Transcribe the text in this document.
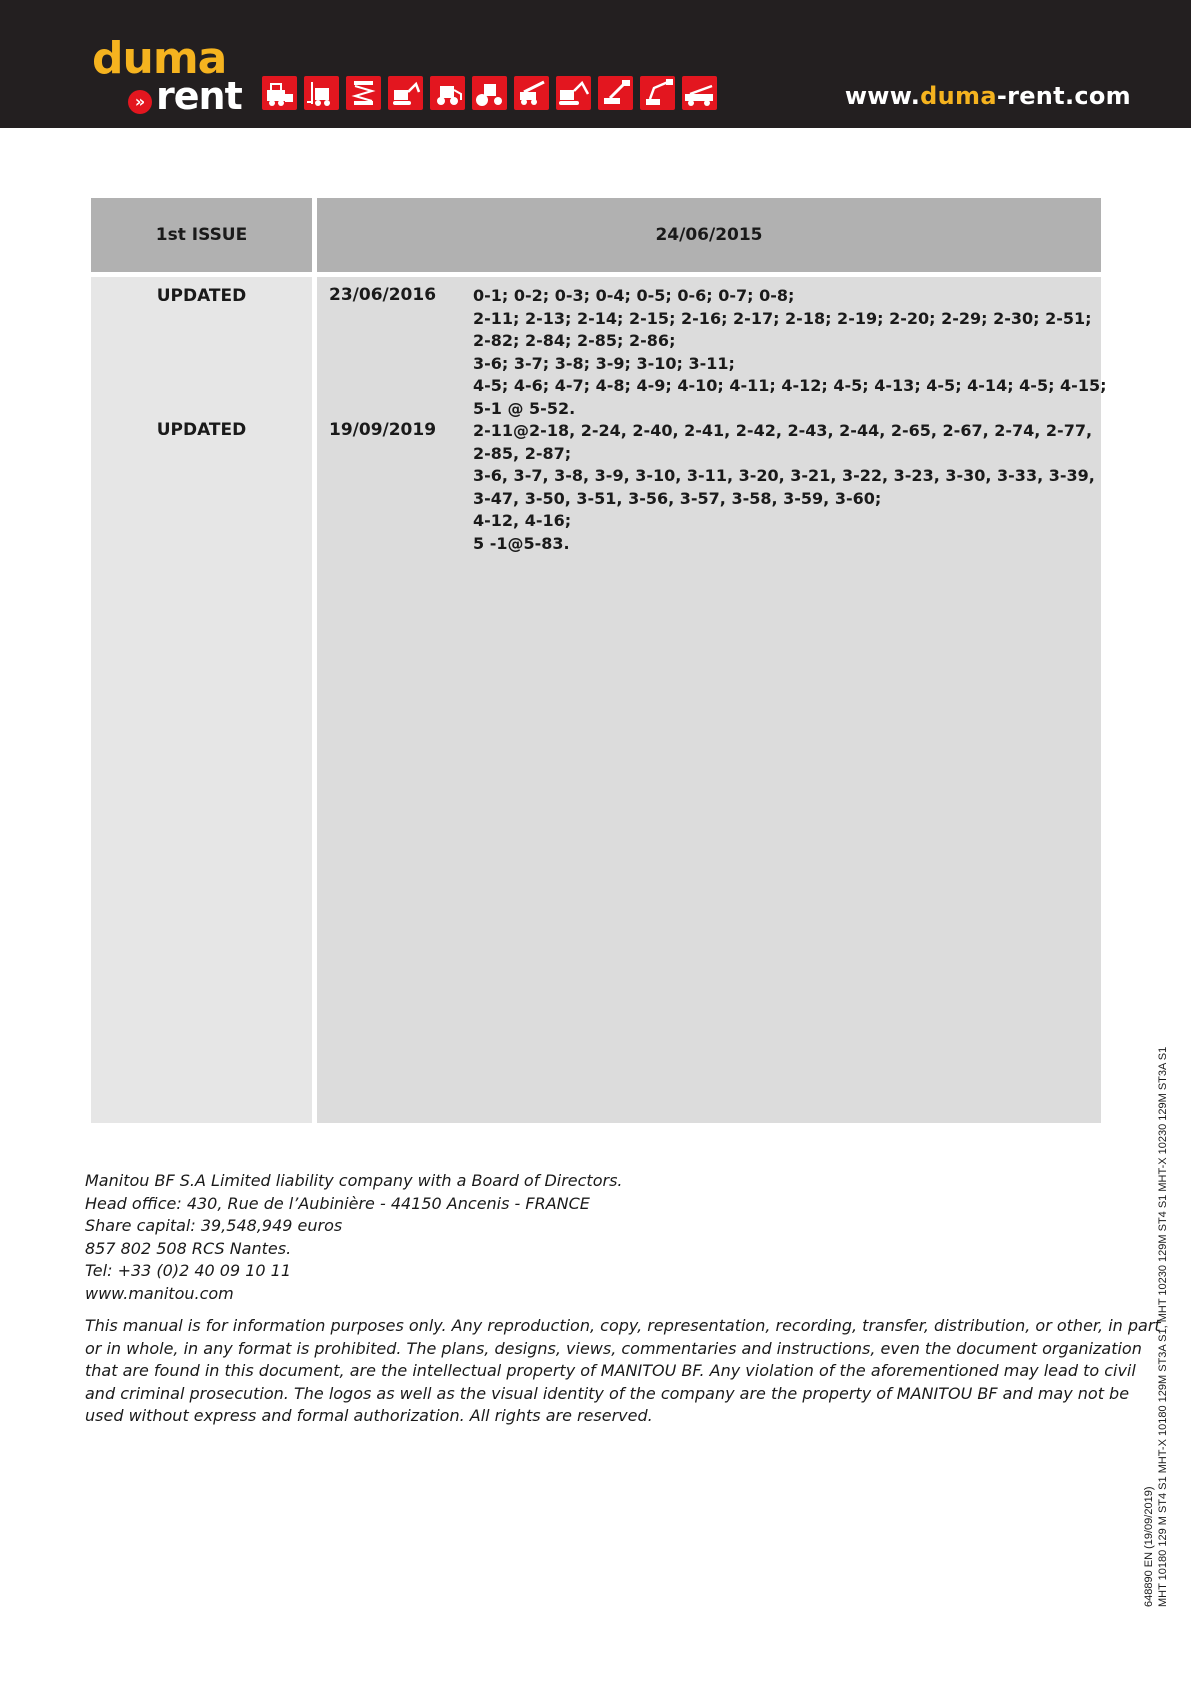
duma
» rent	www.duma-rent.com
1st ISSUE	24/06/2015
UPDATED	23/06/2016 0-1; 0-2; 0-3; 0-4; 0-5; 0-6; 0-7; 0-8;
2-11; 2-13; 2-14; 2-15; 2-16; 2-17; 2-18; 2-19; 2-20; 2-29; 2-30; 2-51;
2-82; 2-84; 2-85; 2-86;
3-6; 3-7; 3-8; 3-9; 3-10; 3-11;
4-5; 4-6; 4-7; 4-8; 4-9; 4-10; 4-11; 4-12; 4-5; 4-13; 4-5; 4-14; 4-5; 4-15;
5-1 @ 5-52.
UPDATED	19/09/2019 2-11@2-18, 2-24, 2-40, 2-41, 2-42, 2-43, 2-44, 2-65, 2-67, 2-74, 2-77,
2-85, 2-87;
3-6, 3-7, 3-8, 3-9, 3-10, 3-11, 3-20, 3-21, 3-22, 3-23, 3-30, 3-33, 3-39,
3-47, 3-50, 3-51, 3-56, 3-57, 3-58, 3-59, 3-60;
4-12, 4-16;
5 -1@5-83.
Manitou BF S.A Limited liability company with a Board of Directors.
Head office: 430, Rue de l’Aubinière - 44150 Ancenis - FRANCE
Share capital: 39,548,949 euros
857 802 508 RCS Nantes.
Tel: +33 (0)2 40 09 10 11
www.manitou.com
This manual is for information purposes only. Any reproduction, copy, representation, recording, transfer, distribution, or other, in part
or in whole, in any format is prohibited. The plans, designs, views, commentaries and instructions, even the document organization
that are found in this document, are the intellectual property of MANITOU BF. Any violation of the aforementioned may lead to civil
and criminal prosecution. The logos as well as the visual identity of the company are the property of MANITOU BF and may not be
used without express and formal authorization. All rights are reserved.
648890 EN (19/09/2019) MHT 10180 129 M ST4 S1 MHT-X 10180 129M ST3A S1, MHT 10230 129M ST4 S1 MHT-X 10230 129M ST3A S1
